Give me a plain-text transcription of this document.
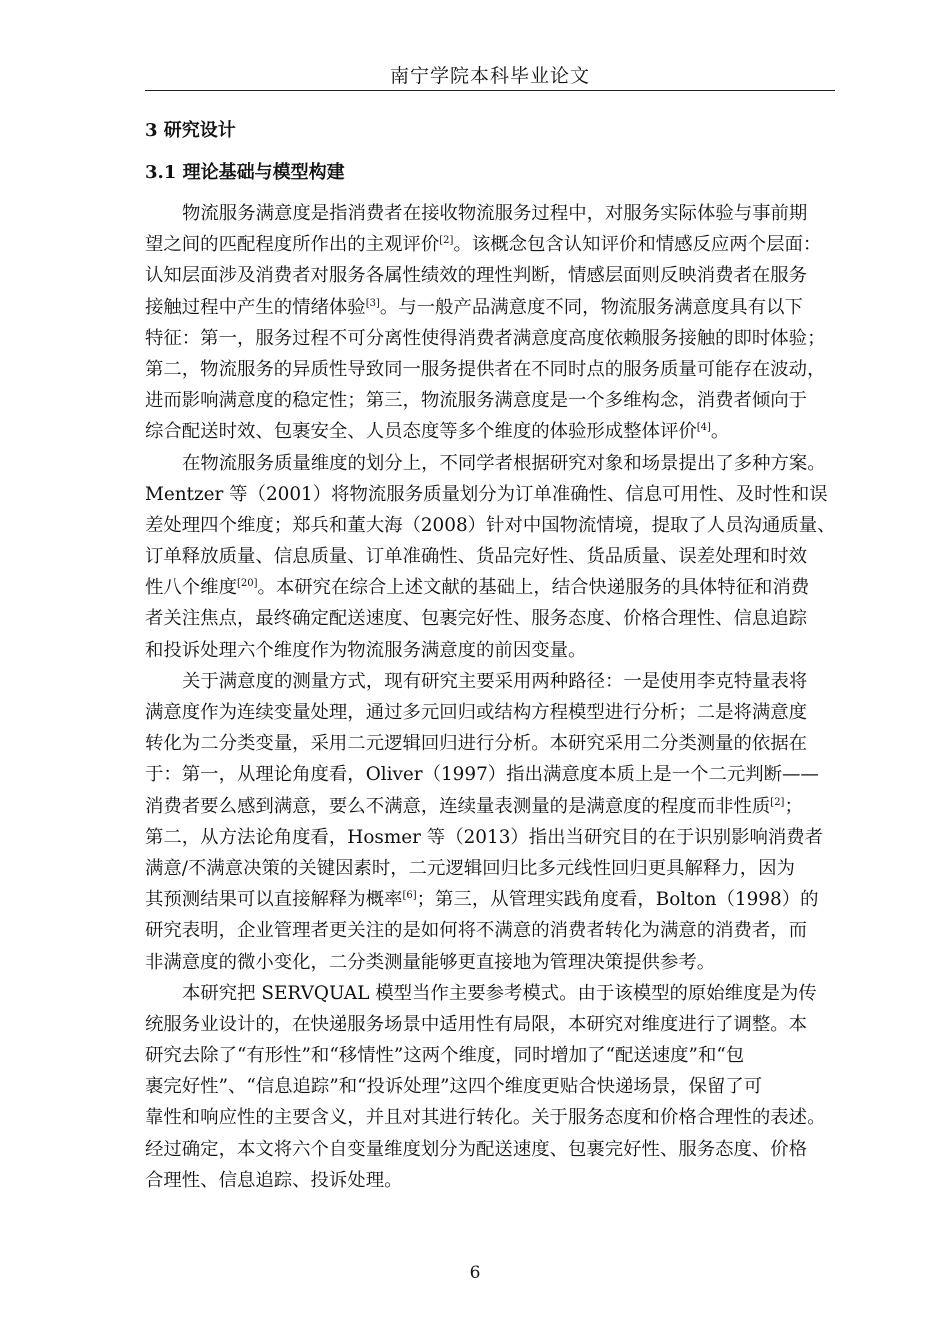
南宁学院本科毕业论文
3 研究设计
3.1 理论基础与模型构建
物流服务满意度是指消费者在接收物流服务过程中，对服务实际体验与事前期
望之间的匹配程度所作出的主观评价[2]。该概念包含认知评价和情感反应两个层面：
认知层面涉及消费者对服务各属性绩效的理性判断，情感层面则反映消费者在服务
接触过程中产生的情绪体验[3]。与一般产品满意度不同，物流服务满意度具有以下
特征：第一，服务过程不可分离性使得消费者满意度高度依赖服务接触的即时体验；
第二，物流服务的异质性导致同一服务提供者在不同时点的服务质量可能存在波动，
进而影响满意度的稳定性；第三，物流服务满意度是一个多维构念，消费者倾向于
综合配送时效、包裹安全、人员态度等多个维度的体验形成整体评价[4]。
在物流服务质量维度的划分上，不同学者根据研究对象和场景提出了多种方案。
Mentzer 等（2001）将物流服务质量划分为订单准确性、信息可用性、及时性和误
差处理四个维度；郑兵和董大海（2008）针对中国物流情境，提取了人员沟通质量、
订单释放质量、信息质量、订单准确性、货品完好性、货品质量、误差处理和时效
性八个维度[20]。本研究在综合上述文献的基础上，结合快递服务的具体特征和消费
者关注焦点，最终确定配送速度、包裹完好性、服务态度、价格合理性、信息追踪
和投诉处理六个维度作为物流服务满意度的前因变量。
关于满意度的测量方式，现有研究主要采用两种路径：一是使用李克特量表将
满意度作为连续变量处理，通过多元回归或结构方程模型进行分析；二是将满意度
转化为二分类变量，采用二元逻辑回归进行分析。本研究采用二分类测量的依据在
于：第一，从理论角度看，Oliver（1997）指出满意度本质上是一个二元判断——
消费者要么感到满意，要么不满意，连续量表测量的是满意度的程度而非性质[2]；
第二，从方法论角度看，Hosmer 等（2013）指出当研究目的在于识别影响消费者
满意/不满意决策的关键因素时，二元逻辑回归比多元线性回归更具解释力，因为
其预测结果可以直接解释为概率[6]；第三，从管理实践角度看，Bolton（1998）的
研究表明，企业管理者更关注的是如何将不满意的消费者转化为满意的消费者，而
非满意度的微小变化，二分类测量能够更直接地为管理决策提供参考。
本研究把 SERVQUAL 模型当作主要参考模式。由于该模型的原始维度是为传
统服务业设计的，在快递服务场景中适用性有局限，本研究对维度进行了调整。本
研究去除了“有形性”和“移情性”这两个维度，同时增加了“配送速度”和“包
裹完好性”、“信息追踪”和“投诉处理”这四个维度更贴合快递场景，保留了可
靠性和响应性的主要含义，并且对其进行转化。关于服务态度和价格合理性的表述。
经过确定，本文将六个自变量维度划分为配送速度、包裹完好性、服务态度、价格
合理性、信息追踪、投诉处理。
6
